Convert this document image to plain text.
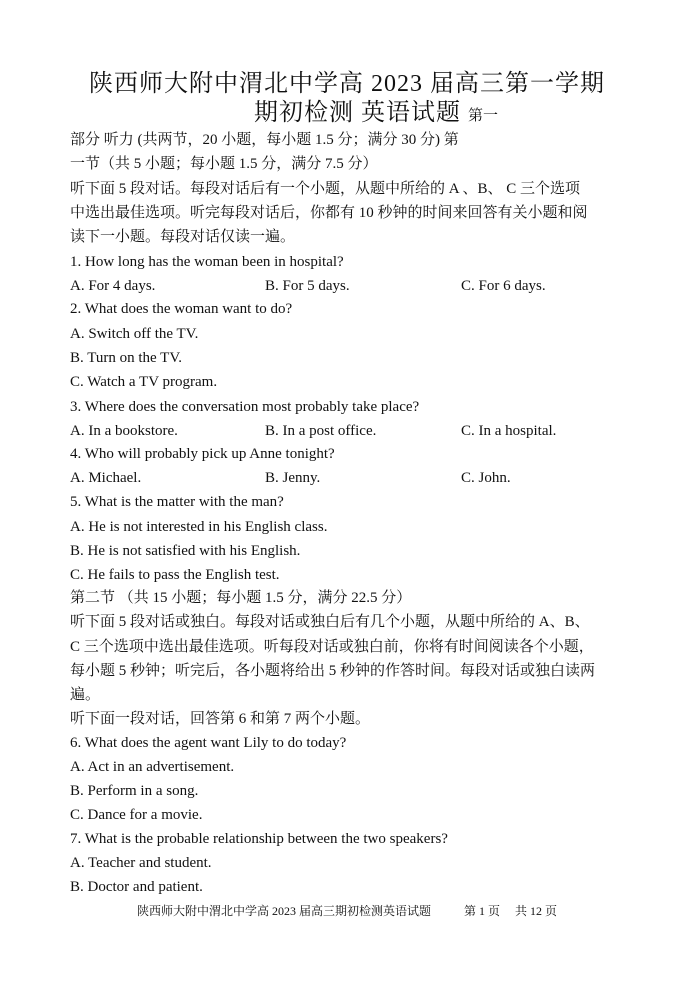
陕西师大附中渭北中学高 2023 届高三第一学期
期初检测 英语试题 第一
部分 听力 (共两节，20 小题，每小题 1.5 分；满分 30 分) 第
一节（共 5 小题；每小题 1.5 分，满分 7.5 分）
听下面 5 段对话。每段对话后有一个小题，从题中所给的 A 、B、 C 三个选项
中选出最佳选项。听完每段对话后，你都有 10 秒钟的时间来回答有关小题和阅
读下一小题。每段对话仅读一遍。
1. How long has the woman been in hospital?
A. For 4 days.	B. For 5 days.	C. For 6 days.
2. What does the woman want to do?
A. Switch off the TV.
B. Turn on the TV.
C. Watch a TV program.
3. Where does the conversation most probably take place?
A. In a bookstore.	B. In a post office.	C. In a hospital.
4. Who will probably pick up Anne tonight?
A. Michael.	B. Jenny.	C. John.
5. What is the matter with the man?
A. He is not interested in his English class.
B. He is not satisfied with his English.
C. He fails to pass the English test.
第二节 （共 15 小题；每小题 1.5 分，满分 22.5 分）
听下面 5 段对话或独白。每段对话或独白后有几个小题，从题中所给的 A、B、
C 三个选项中选出最佳选项。听每段对话或独白前，你将有时间阅读各个小题，
每小题 5 秒钟；听完后，各小题将给出 5 秒钟的作答时间。每段对话或独白读两
遍。
听下面一段对话，回答第 6 和第 7 两个小题。
6. What does the agent want Lily to do today?
A. Act in an advertisement.
B. Perform in a song.
C. Dance for a movie.
7. What is the probable relationship between the two speakers?
A. Teacher and student.
B. Doctor and patient.
陕西师大附中渭北中学高 2023 届高三期初检测英语试题	第 1 页 共 12 页
